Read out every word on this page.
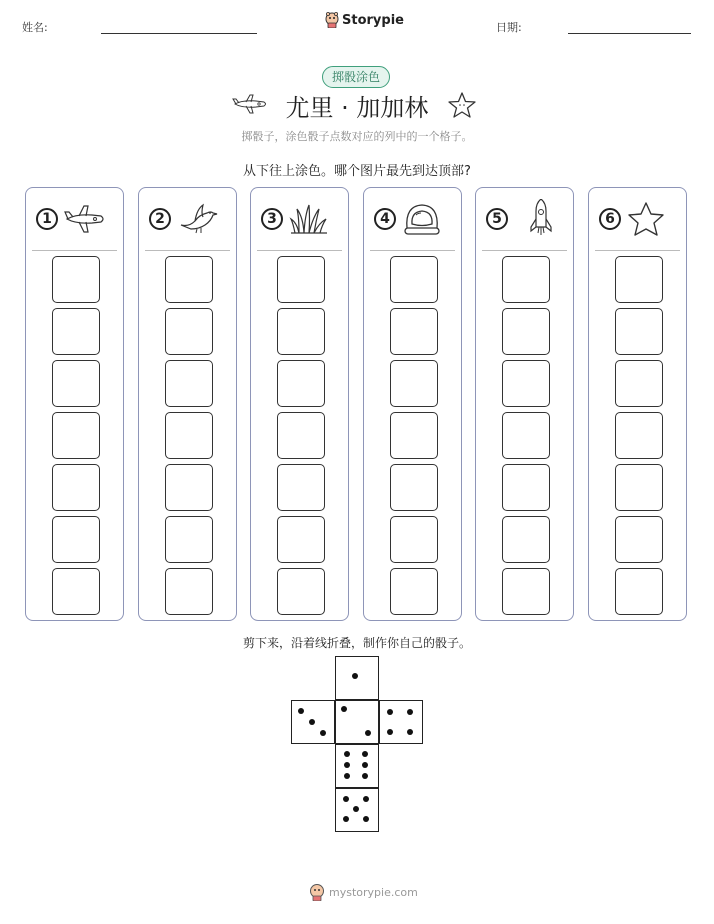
姓名:	Storypie	日期:
掷骰涂色
尤里 · 加加林
掷骰子，涂色骰子点数对应的列中的一个格子。
从下往上涂色。哪个图片最先到达顶部?
1	2	3	4	5	6
剪下来，沿着线折叠，制作你自己的骰子。
mystorypie.com
